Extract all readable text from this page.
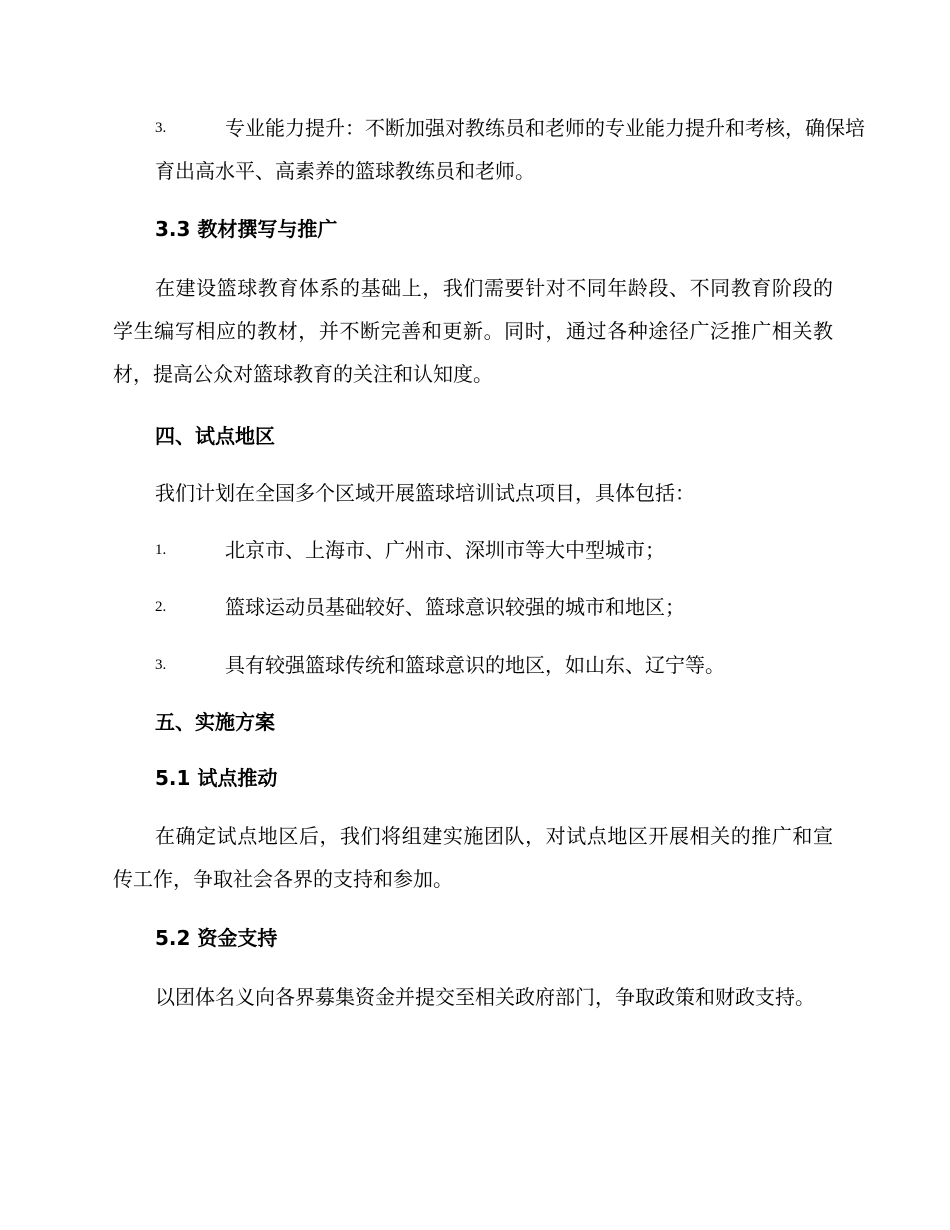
3.	专业能力提升：不断加强对教练员和老师的专业能力提升和考核，确保培育出高水平、高素养的篮球教练员和老师。
3.3 教材撰写与推广
在建设篮球教育体系的基础上，我们需要针对不同年龄段、不同教育阶段的学生编写相应的教材，并不断完善和更新。同时，通过各种途径广泛推广相关教材，提高公众对篮球教育的关注和认知度。
四、试点地区
我们计划在全国多个区域开展篮球培训试点项目，具体包括：
1.	北京市、上海市、广州市、深圳市等大中型城市；
2.	篮球运动员基础较好、篮球意识较强的城市和地区；
3.	具有较强篮球传统和篮球意识的地区，如山东、辽宁等。
五、实施方案
5.1 试点推动
在确定试点地区后，我们将组建实施团队，对试点地区开展相关的推广和宣传工作，争取社会各界的支持和参加。
5.2 资金支持
以团体名义向各界募集资金并提交至相关政府部门，争取政策和财政支持。
